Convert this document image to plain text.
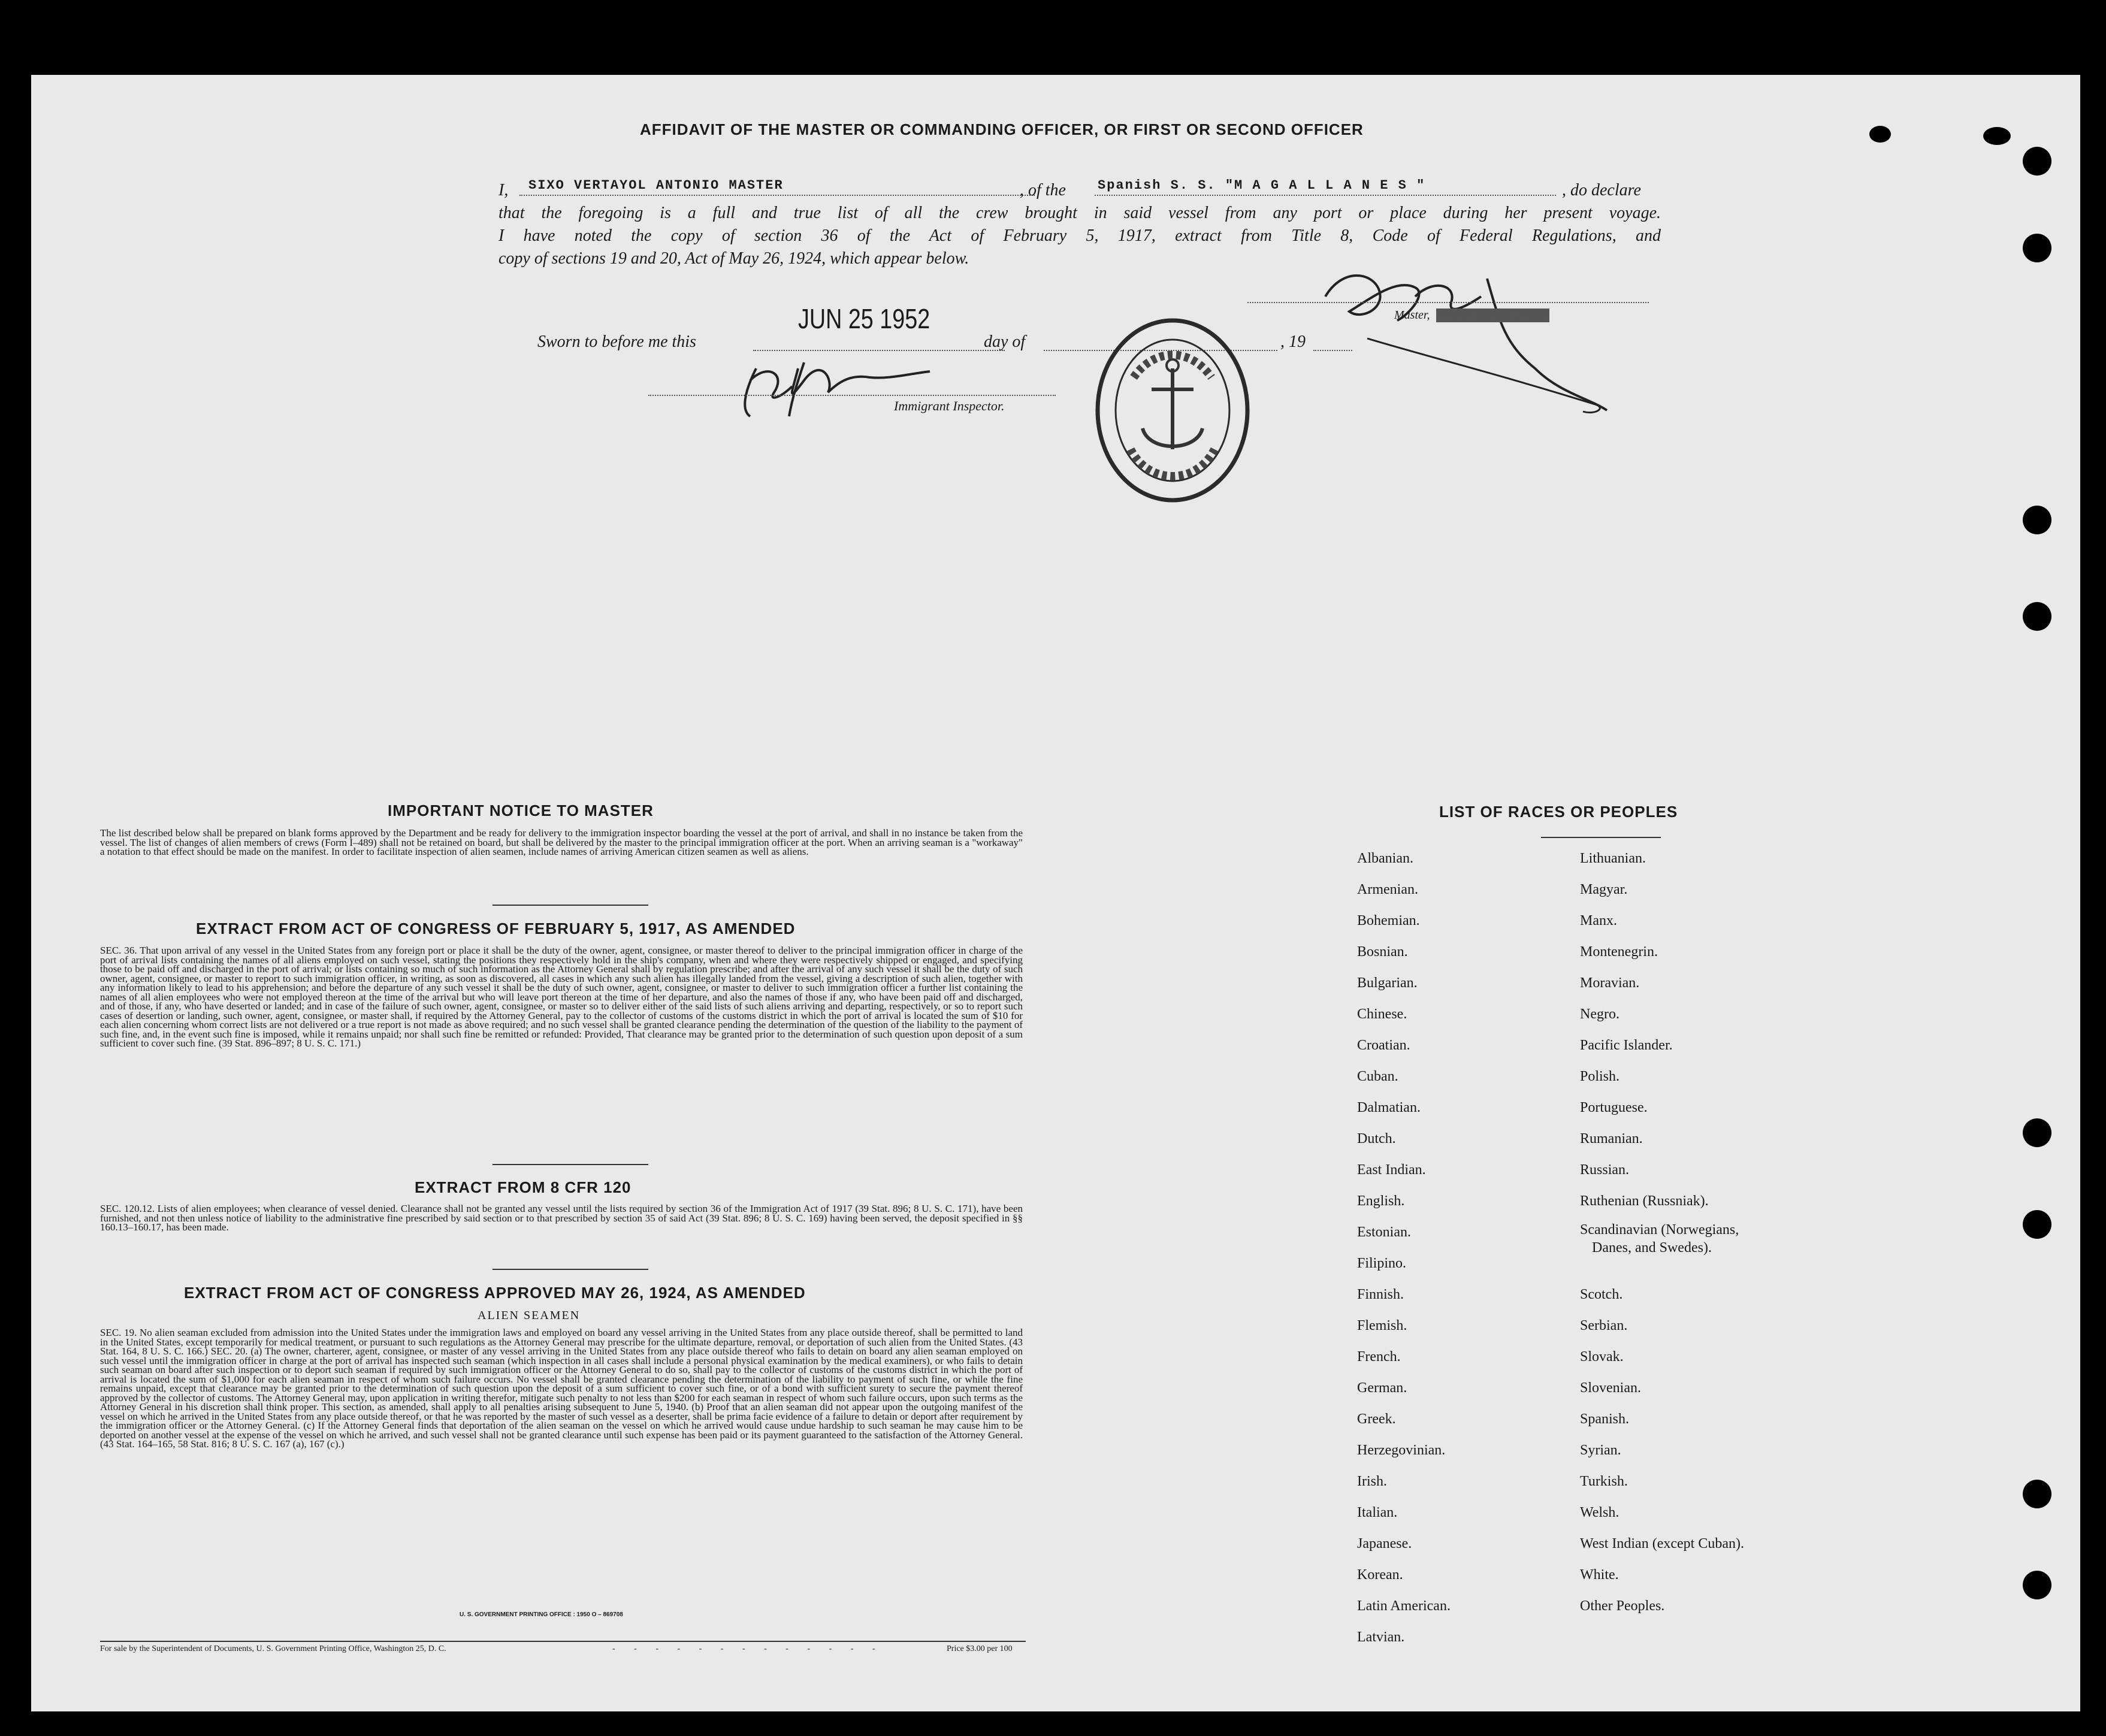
AFFIDAVIT OF THE MASTER OR COMMANDING OFFICER, OR FIRST OR SECOND OFFICER
I, SIXO VERTAYOL ANTONIO MASTER	, of the Spanish S. S. "M A G A L L A N E S "	, do declare
that the foregoing is a full and true list of all the crew brought in said vessel from any port or place during her present voyage.
I have noted the copy of section 36 of the Act of February 5, 1917, extract from Title 8, Code of Federal Regulations, and
copy of sections 19 and 20, Act of May 26, 1924, which appear below.
Master, First or Second Officer.
Sworn to before me this
JUN 25 1952
day of	, 19
Immigrant Inspector.
IMPORTANT NOTICE TO MASTER
The list described below shall be prepared on blank forms approved by the Department and be ready for delivery to the immigration inspector boarding the vessel at the port of arrival, and shall in no instance be taken from the vessel. The list of changes of alien members of crews (Form I–489) shall not be retained on board, but shall be delivered by the master to the principal immigration officer at the port. When an arriving seaman is a "workaway" a notation to that effect should be made on the manifest. In order to facilitate inspection of alien seamen, include names of arriving American citizen seamen as well as aliens.
EXTRACT FROM ACT OF CONGRESS OF FEBRUARY 5, 1917, AS AMENDED
SEC. 36. That upon arrival of any vessel in the United States from any foreign port or place it shall be the duty of the owner, agent, consignee, or master thereof to deliver to the principal immigration officer in charge of the port of arrival lists containing the names of all aliens employed on such vessel, stating the positions they respectively hold in the ship's company, when and where they were respectively shipped or engaged, and specifying those to be paid off and discharged in the port of arrival; or lists containing so much of such information as the Attorney General shall by regulation prescribe; and after the arrival of any such vessel it shall be the duty of such owner, agent, consignee, or master to report to such immigration officer, in writing, as soon as discovered, all cases in which any such alien has illegally landed from the vessel, giving a description of such alien, together with any information likely to lead to his apprehension; and before the departure of any such vessel it shall be the duty of such owner, agent, consignee, or master to deliver to such immigration officer a further list containing the names of all alien employees who were not employed thereon at the time of the arrival but who will leave port thereon at the time of her departure, and also the names of those if any, who have been paid off and discharged, and of those, if any, who have deserted or landed; and in case of the failure of such owner, agent, consignee, or master so to deliver either of the said lists of such aliens arriving and departing, respectively, or so to report such cases of desertion or landing, such owner, agent, consignee, or master shall, if required by the Attorney General, pay to the collector of customs of the customs district in which the port of arrival is located the sum of $10 for each alien concerning whom correct lists are not delivered or a true report is not made as above required; and no such vessel shall be granted clearance pending the determination of the question of the liability to the payment of such fine, and, in the event such fine is imposed, while it remains unpaid; nor shall such fine be remitted or refunded: Provided, That clearance may be granted prior to the determination of such question upon deposit of a sum sufficient to cover such fine. (39 Stat. 896–897; 8 U. S. C. 171.)
EXTRACT FROM 8 CFR 120
SEC. 120.12. Lists of alien employees; when clearance of vessel denied. Clearance shall not be granted any vessel until the lists required by section 36 of the Immigration Act of 1917 (39 Stat. 896; 8 U. S. C. 171), have been furnished, and not then unless notice of liability to the administrative fine prescribed by said section or to that prescribed by section 35 of said Act (39 Stat. 896; 8 U. S. C. 169) having been served, the deposit specified in §§ 160.13–160.17, has been made.
EXTRACT FROM ACT OF CONGRESS APPROVED MAY 26, 1924, AS AMENDED
ALIEN SEAMEN
SEC. 19. No alien seaman excluded from admission into the United States under the immigration laws and employed on board any vessel arriving in the United States from any place outside thereof, shall be permitted to land in the United States, except temporarily for medical treatment, or pursuant to such regulations as the Attorney General may prescribe for the ultimate departure, removal, or deportation of such alien from the United States. (43 Stat. 164, 8 U. S. C. 166.) SEC. 20. (a) The owner, charterer, agent, consignee, or master of any vessel arriving in the United States from any place outside thereof who fails to detain on board any alien seaman employed on such vessel until the immigration officer in charge at the port of arrival has inspected such seaman (which inspection in all cases shall include a personal physical examination by the medical examiners), or who fails to detain such seaman on board after such inspection or to deport such seaman if required by such immigration officer or the Attorney General to do so, shall pay to the collector of customs of the customs district in which the port of arrival is located the sum of $1,000 for each alien seaman in respect of whom such failure occurs. No vessel shall be granted clearance pending the determination of the liability to payment of such fine, or while the fine remains unpaid, except that clearance may be granted prior to the determination of such question upon the deposit of a sum sufficient to cover such fine, or of a bond with sufficient surety to secure the payment thereof approved by the collector of customs. The Attorney General may, upon application in writing therefor, mitigate such penalty to not less than $200 for each seaman in respect of whom such failure occurs, upon such terms as the Attorney General in his discretion shall think proper. This section, as amended, shall apply to all penalties arising subsequent to June 5, 1940. (b) Proof that an alien seaman did not appear upon the outgoing manifest of the vessel on which he arrived in the United States from any place outside thereof, or that he was reported by the master of such vessel as a deserter, shall be prima facie evidence of a failure to detain or deport after requirement by the immigration officer or the Attorney General. (c) If the Attorney General finds that deportation of the alien seaman on the vessel on which he arrived would cause undue hardship to such seaman he may cause him to be deported on another vessel at the expense of the vessel on which he arrived, and such vessel shall not be granted clearance until such expense has been paid or its payment guaranteed to the satisfaction of the Attorney General. (43 Stat. 164–165, 58 Stat. 816; 8 U. S. C. 167 (a), 167 (c).)
U. S. GOVERNMENT PRINTING OFFICE : 1950 O – 869708
For sale by the Superintendent of Documents, U. S. Government Printing Office, Washington 25, D. C.	- - - - - - - - - - - - -	Price $3.00 per 100
LIST OF RACES OR PEOPLES
Albanian.
Armenian.
Bohemian.
Bosnian.
Bulgarian.
Chinese.
Croatian.
Cuban.
Dalmatian.
Dutch.
East Indian.
English.
Estonian.
Filipino.
Finnish.
Flemish.
French.
German.
Greek.
Herzegovinian.
Irish.
Italian.
Japanese.
Korean.
Latin American.
Latvian.
Lithuanian.
Magyar.
Manx.
Montenegrin.
Moravian.
Negro.
Pacific Islander.
Polish.
Portuguese.
Rumanian.
Russian.
Ruthenian (Russniak).
Scandinavian (Norwegians,
Danes, and Swedes).
Scotch.
Serbian.
Slovak.
Slovenian.
Spanish.
Syrian.
Turkish.
Welsh.
West Indian (except Cuban).
White.
Other Peoples.
